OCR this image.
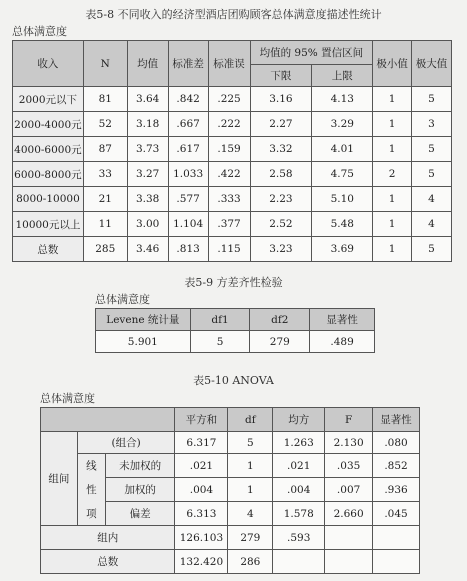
表5-8 不同收入的经济型酒店团购顾客总体满意度描述性统计
总体满意度
收入	N	均值	标准差	标准误	均值的 95% 置信区间		极小值	极大值
					下限	上限		
2000元以下	81	3.64	.842	.225	3.16	4.13	1	5
2000-4000元	52	3.18	.667	.222	2.27	3.29	1	3
4000-6000元	87	3.73	.617	.159	3.32	4.01	1	5
6000-8000元	33	3.27	1.033	.422	2.58	4.75	2	5
8000-10000	21	3.38	.577	.333	2.23	5.10	1	4
10000元以上	11	3.00	1.104	.377	2.52	5.48	1	4
总数	285	3.46	.813	.115	3.23	3.69	1	5
表5-9 方差齐性检验
总体满意度
Levene 统计量	df1	df2	显著性
5.901	5	279	.489
表5-10 ANOVA
总体满意度
			平方和	df	均方	F	显著性
组间	(组合)		6.317	5	1.263	2.130	.080
	线	未加权的	.021	1	.021	.035	.852
	性	加权的	.004	1	.004	.007	.936
	项	偏差	6.313	4	1.578	2.660	.045
组内			126.103	279	.593		
总数			132.420	286			
